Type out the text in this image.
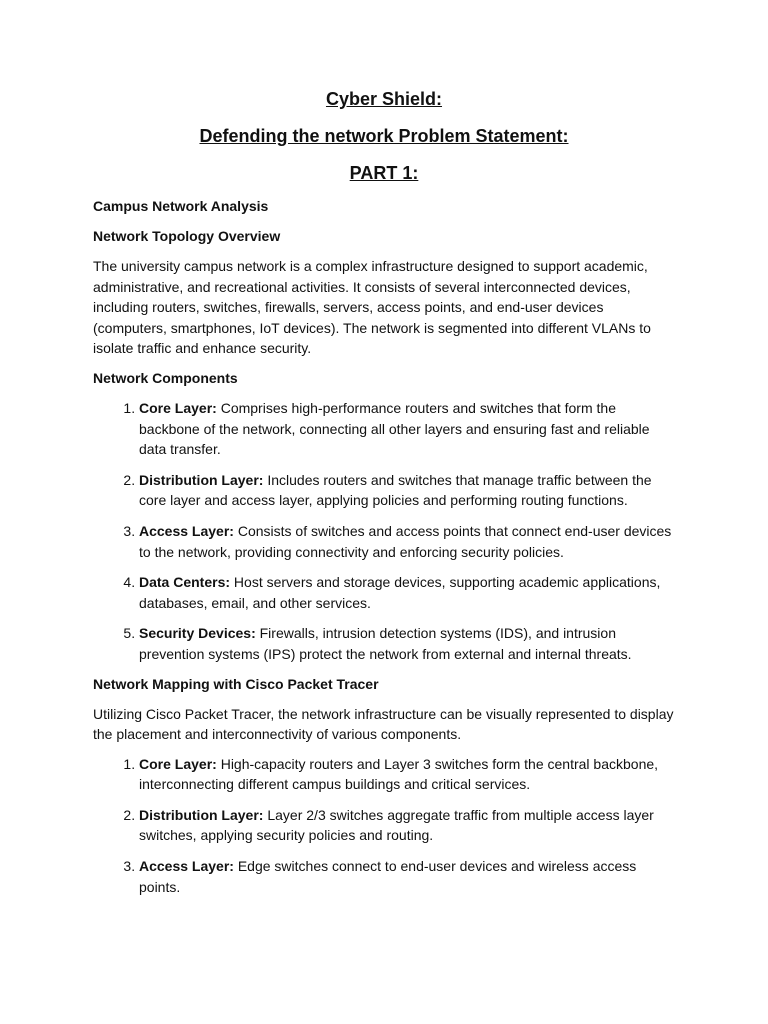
Cyber Shield:

Defending the network Problem Statement:

PART 1:

Campus Network Analysis

Network Topology Overview

The university campus network is a complex infrastructure designed to support academic, administrative, and recreational activities. It consists of several interconnected devices, including routers, switches, firewalls, servers, access points, and end-user devices (computers, smartphones, IoT devices). The network is segmented into different VLANs to isolate traffic and enhance security.

Network Components

1. Core Layer: Comprises high-performance routers and switches that form the backbone of the network, connecting all other layers and ensuring fast and reliable data transfer.
2. Distribution Layer: Includes routers and switches that manage traffic between the core layer and access layer, applying policies and performing routing functions.
3. Access Layer: Consists of switches and access points that connect end-user devices to the network, providing connectivity and enforcing security policies.
4. Data Centers: Host servers and storage devices, supporting academic applications, databases, email, and other services.
5. Security Devices: Firewalls, intrusion detection systems (IDS), and intrusion prevention systems (IPS) protect the network from external and internal threats.

Network Mapping with Cisco Packet Tracer

Utilizing Cisco Packet Tracer, the network infrastructure can be visually represented to display the placement and interconnectivity of various components.

1. Core Layer: High-capacity routers and Layer 3 switches form the central backbone, interconnecting different campus buildings and critical services.
2. Distribution Layer: Layer 2/3 switches aggregate traffic from multiple access layer switches, applying security policies and routing.
3. Access Layer: Edge switches connect to end-user devices and wireless access points.
